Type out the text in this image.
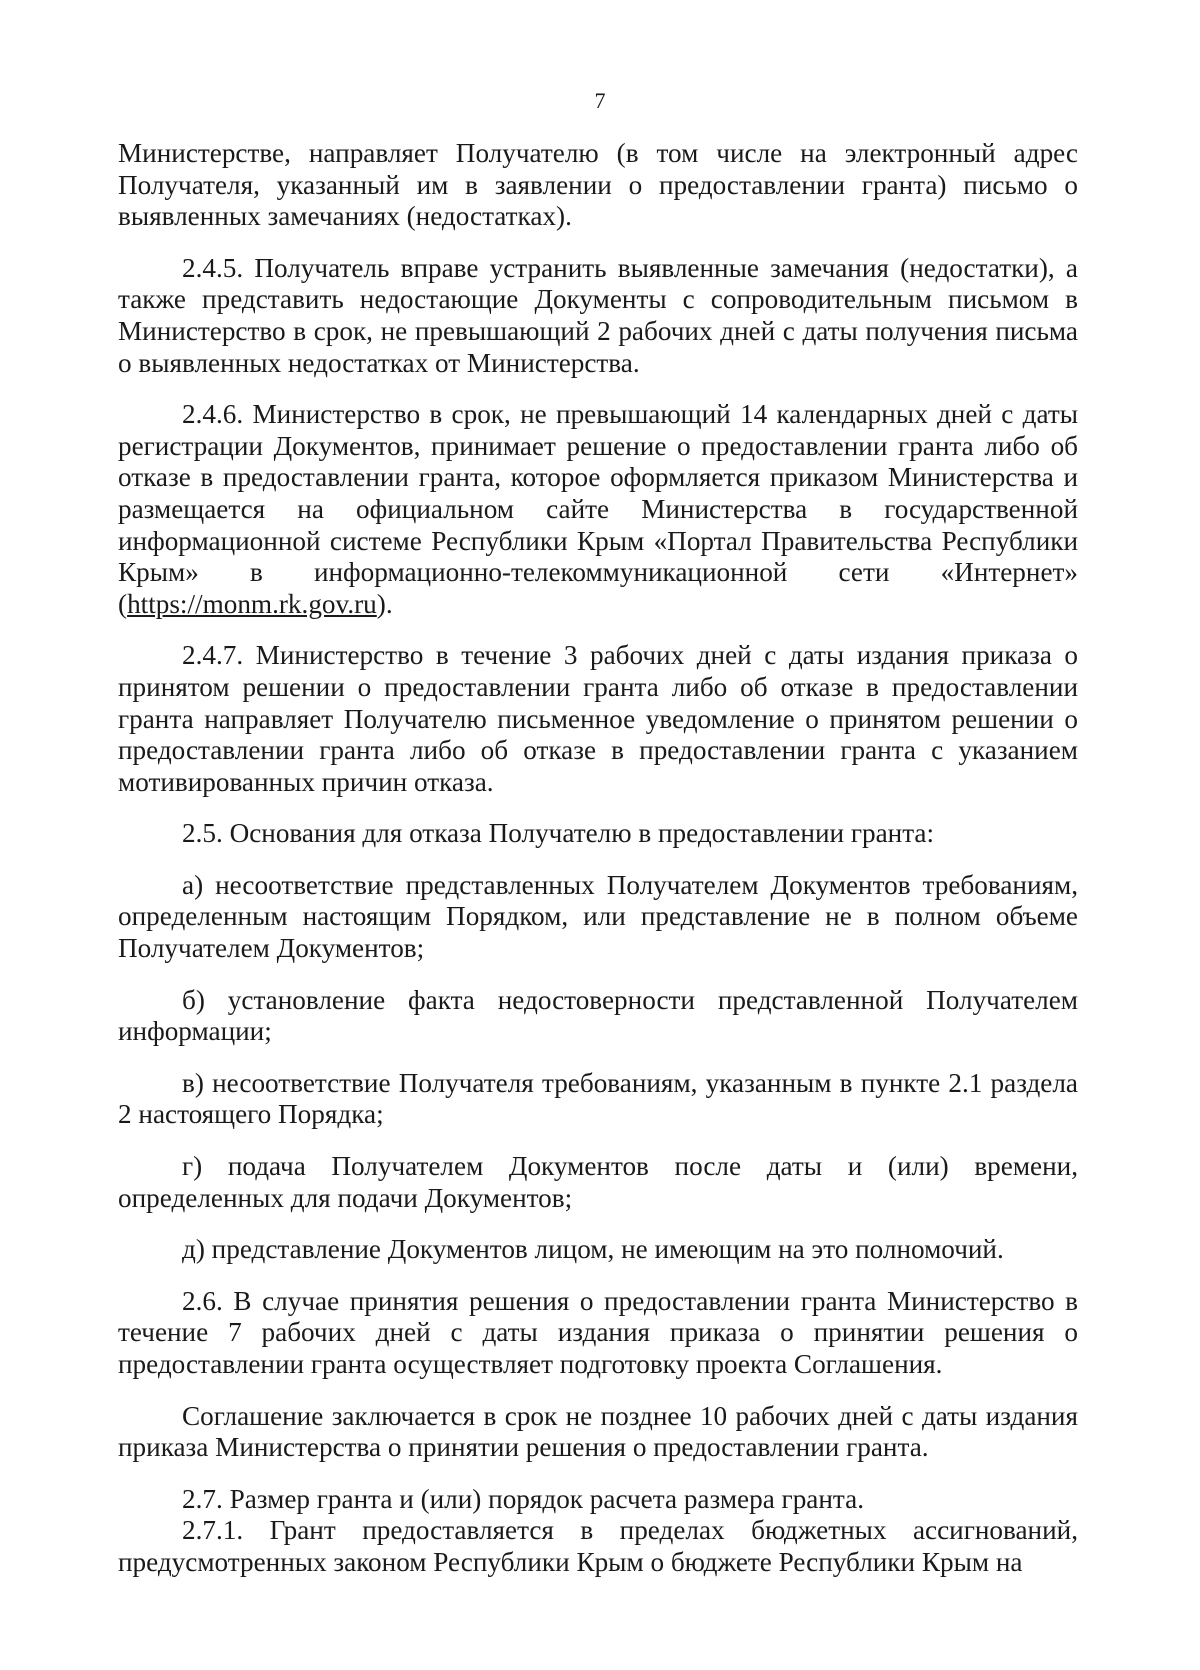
7

Министерстве, направляет Получателю (в том числе на электронный адрес Получателя, указанный им в заявлении о предоставлении гранта) письмо о выявленных замечаниях (недостатках).

2.4.5. Получатель вправе устранить выявленные замечания (недостатки), а также представить недостающие Документы с сопроводительным письмом в Министерство в срок, не превышающий 2 рабочих дней с даты получения письма о выявленных недостатках от Министерства.

2.4.6. Министерство в срок, не превышающий 14 календарных дней с даты регистрации Документов, принимает решение о предоставлении гранта либо об отказе в предоставлении гранта, которое оформляется приказом Министерства и размещается на официальном сайте Министерства в государственной информационной системе Республики Крым «Портал Правительства Республики Крым» в информационно-телекоммуникационной сети «Интернет» (https://monm.rk.gov.ru).

2.4.7. Министерство в течение 3 рабочих дней с даты издания приказа о принятом решении о предоставлении гранта либо об отказе в предоставлении гранта направляет Получателю письменное уведомление о принятом решении о предоставлении гранта либо об отказе в предоставлении гранта с указанием мотивированных причин отказа.

2.5. Основания для отказа Получателю в предоставлении гранта:

а) несоответствие представленных Получателем Документов требованиям, определенным настоящим Порядком, или представление не в полном объеме Получателем Документов;

б) установление факта недостоверности представленной Получателем информации;

в) несоответствие Получателя требованиям, указанным в пункте 2.1 раздела 2 настоящего Порядка;

г) подача Получателем Документов после даты и (или) времени, определенных для подачи Документов;

д) представление Документов лицом, не имеющим на это полномочий.

2.6. В случае принятия решения о предоставлении гранта Министерство в течение 7 рабочих дней с даты издания приказа о принятии решения о предоставлении гранта осуществляет подготовку проекта Соглашения.

Соглашение заключается в срок не позднее 10 рабочих дней с даты издания приказа Министерства о принятии решения о предоставлении гранта.

2.7. Размер гранта и (или) порядок расчета размера гранта.

2.7.1. Грант предоставляется в пределах бюджетных ассигнований, предусмотренных законом Республики Крым о бюджете Республики Крым на
